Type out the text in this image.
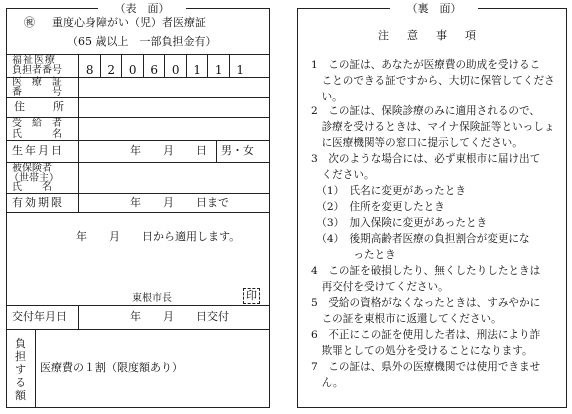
（表　面）
㊗ 重度心身障がい（児）者医療証
（65 歳以上　一部負担金有）
福祉医療
負担者番号	8 2 0 6 0 1 1 1
医　療　証
番　　　号
住　　所
受　給　者
氏　　　名
生年月日	年　　月　　日 男・女
被保険者
（世帯主）
氏　　名
有効期限	年　　月　　日まで
年　　月　　日から適用します。
東根市長	印
交付年月日	年　　月　　日交付
負担する額
医療費の１割（限度額あり）
（裏　面）
注意事項
1　この証は、あなたが医療費の助成を受けるこ
　ことのできる証ですから、大切に保管してくださ
　い。
2　この証は、保険診療のみに適用されるので、
　診療を受けるときは、マイナ保険証等といっしょ
　に医療機関等の窓口に提示してください。
3　次のような場合には、必ず東根市に届け出て
　ください。
　（1）　氏名に変更があったとき
　（2）　住所を変更したとき
　（3）　加入保険に変更があったとき
　（4）　後期高齢者医療の負担割合が変更にな
　　　　ったとき
4　この証を破損したり、無くしたりしたときは
　再交付を受けてください。
5　受給の資格がなくなったときは、すみやかに
　この証を東根市に返還してください。
6　不正にこの証を使用した者は、刑法により詐
　欺罪としての処分を受けることになります。
7　この証は、県外の医療機関では使用できませ
　ん。
